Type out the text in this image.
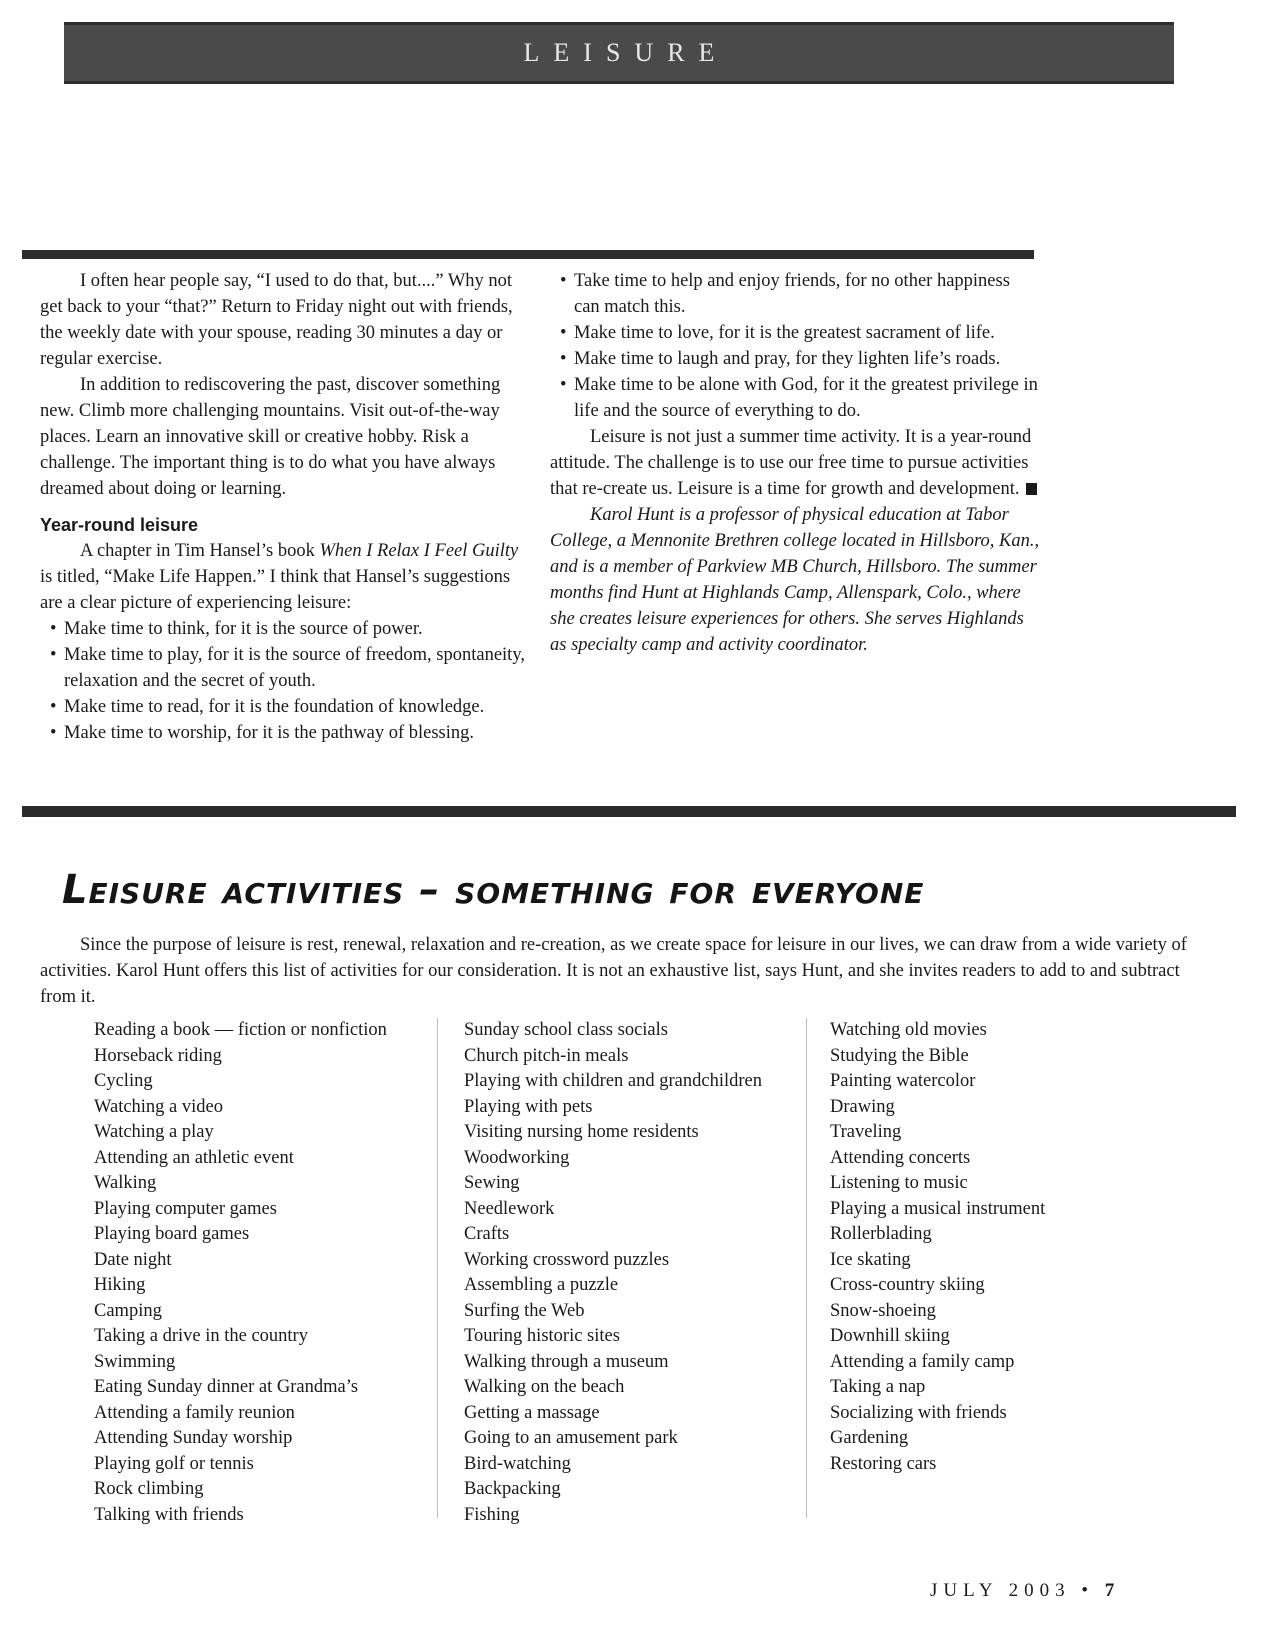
LEISURE

I often hear people say, “I used to do that, but....” Why not get back to your “that?” Return to Friday night out with friends, the weekly date with your spouse, reading 30 minutes a day or regular exercise.

In addition to rediscovering the past, discover something new. Climb more challenging mountains. Visit out-of-the-way places. Learn an innovative skill or creative hobby. Risk a challenge. The important thing is to do what you have always dreamed about doing or learning.

Year-round leisure

A chapter in Tim Hansel’s book When I Relax I Feel Guilty is titled, “Make Life Happen.” I think that Hansel’s suggestions are a clear picture of experiencing leisure:

• Make time to think, for it is the source of power.
• Make time to play, for it is the source of freedom, spontaneity, relaxation and the secret of youth.
• Make time to read, for it is the foundation of knowledge.
• Make time to worship, for it is the pathway of blessing.
• Take time to help and enjoy friends, for no other happiness can match this.
• Make time to love, for it is the greatest sacrament of life.
• Make time to laugh and pray, for they lighten life’s roads.
• Make time to be alone with God, for it the greatest privilege in life and the source of everything to do.

Leisure is not just a summer time activity. It is a year-round attitude. The challenge is to use our free time to pursue activities that re-create us. Leisure is a time for growth and development.

Karol Hunt is a professor of physical education at Tabor College, a Mennonite Brethren college located in Hillsboro, Kan., and is a member of Parkview MB Church, Hillsboro. The summer months find Hunt at Highlands Camp, Allenspark, Colo., where she creates leisure experiences for others. She serves Highlands as specialty camp and activity coordinator.

Leisure activities – something for everyone

Since the purpose of leisure is rest, renewal, relaxation and re-creation, as we create space for leisure in our lives, we can draw from a wide variety of activities. Karol Hunt offers this list of activities for our consideration. It is not an exhaustive list, says Hunt, and she invites readers to add to and subtract from it.

Reading a book — fiction or nonfiction
Horseback riding
Cycling
Watching a video
Watching a play
Attending an athletic event
Walking
Playing computer games
Playing board games
Date night
Hiking
Camping
Taking a drive in the country
Swimming
Eating Sunday dinner at Grandma’s
Attending a family reunion
Attending Sunday worship
Playing golf or tennis
Rock climbing
Talking with friends
Sunday school class socials
Church pitch-in meals
Playing with children and grandchildren
Playing with pets
Visiting nursing home residents
Woodworking
Sewing
Needlework
Crafts
Working crossword puzzles
Assembling a puzzle
Surfing the Web
Touring historic sites
Walking through a museum
Walking on the beach
Getting a massage
Going to an amusement park
Bird-watching
Backpacking
Fishing
Watching old movies
Studying the Bible
Painting watercolor
Drawing
Traveling
Attending concerts
Listening to music
Playing a musical instrument
Rollerblading
Ice skating
Cross-country skiing
Snow-shoeing
Downhill skiing
Attending a family camp
Taking a nap
Socializing with friends
Gardening
Restoring cars
JULY 2003 • 7
